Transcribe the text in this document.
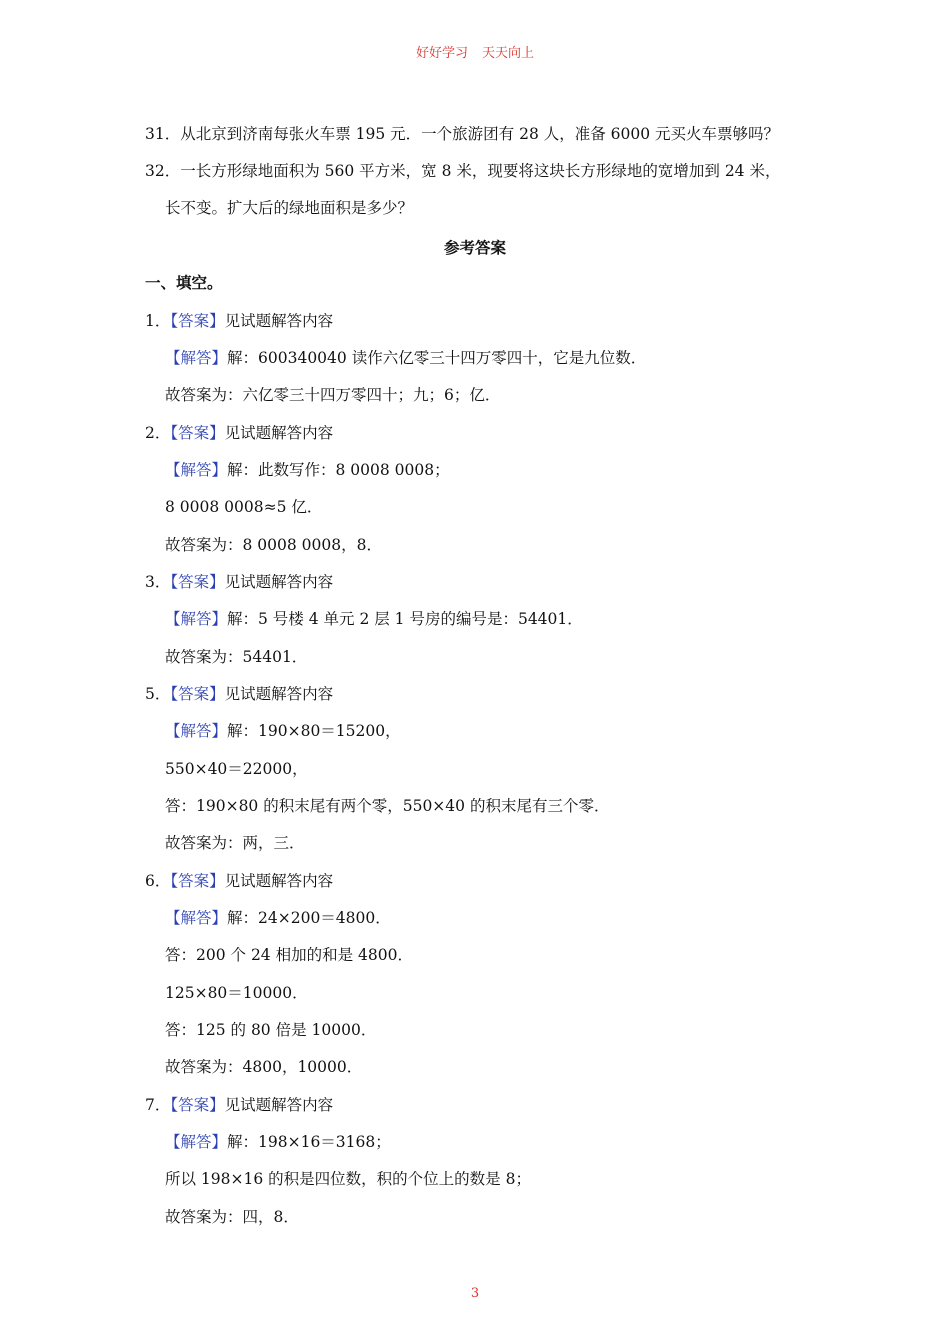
好好学习 天天向上
31．从北京到济南每张火车票 195 元．一个旅游团有 28 人，准备 6000 元买火车票够吗？
32．一长方形绿地面积为 560 平方米，宽 8 米，现要将这块长方形绿地的宽增加到 24 米，
长不变。扩大后的绿地面积是多少？
参考答案
一、填空。
1．【答案】见试题解答内容
【解答】解：600340040 读作六亿零三十四万零四十，它是九位数．
故答案为：六亿零三十四万零四十；九；6；亿．
2．【答案】见试题解答内容
【解答】解：此数写作：8 0008 0008；
8 0008 0008≈5 亿．
故答案为：8 0008 0008，8．
3．【答案】见试题解答内容
【解答】解：5 号楼 4 单元 2 层 1 号房的编号是：54401．
故答案为：54401．
5．【答案】见试题解答内容
【解答】解：190×80＝15200，
550×40＝22000，
答：190×80 的积末尾有两个零，550×40 的积末尾有三个零．
故答案为：两，三．
6．【答案】见试题解答内容
【解答】解：24×200＝4800．
答：200 个 24 相加的和是 4800．
125×80＝10000．
答：125 的 80 倍是 10000．
故答案为：4800，10000．
7．【答案】见试题解答内容
【解答】解：198×16＝3168；
所以 198×16 的积是四位数，积的个位上的数是 8；
故答案为：四，8．
3
